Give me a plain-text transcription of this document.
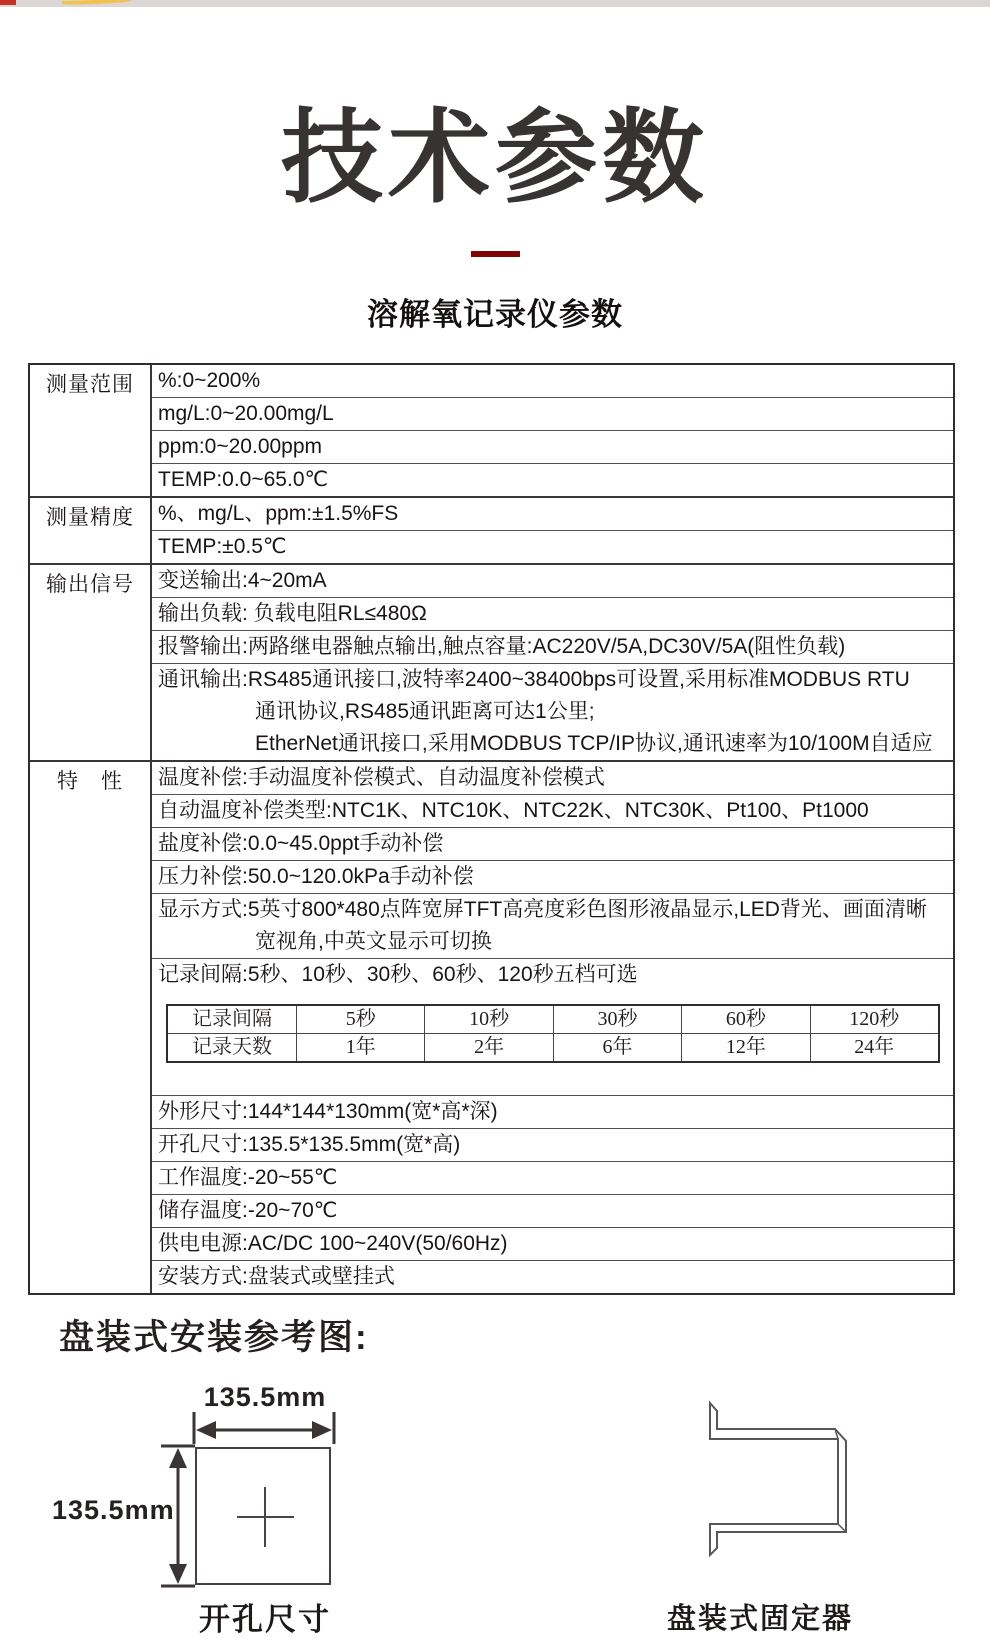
技术参数
溶解氧记录仪参数
测量范围	%:0~200%
mg/L:0~20.00mg/L
ppm:0~20.00ppm
TEMP:0.0~65.0℃
测量精度	%、mg/L、ppm:±1.5%FS
TEMP:±0.5℃
输出信号	变送输出:4~20mA
输出负载: 负载电阻RL≤480Ω
报警输出:两路继电器触点输出,触点容量:AC220V/5A,DC30V/5A(阻性负载)
通讯输出:RS485通讯接口,波特率2400~38400bps可设置,采用标准MODBUS RTU
通讯协议,RS485通讯距离可达1公里;
EtherNet通讯接口,采用MODBUS TCP/IP协议,通讯速率为10/100M自适应
特　性	温度补偿:手动温度补偿模式、自动温度补偿模式
自动温度补偿类型:NTC1K、NTC10K、NTC22K、NTC30K、Pt100、Pt1000
盐度补偿:0.0~45.0ppt手动补偿
压力补偿:50.0~120.0kPa手动补偿
显示方式:5英寸800*480点阵宽屏TFT高亮度彩色图形液晶显示,LED背光、画面清晰
宽视角,中英文显示可切换
记录间隔:5秒、10秒、30秒、60秒、120秒五档可选
记录间隔	5秒	10秒	30秒	60秒	120秒
记录天数	1年	2年	6年	12年	24年
外形尺寸:144*144*130mm(宽*高*深)
开孔尺寸:135.5*135.5mm(宽*高)
工作温度:-20~55℃
储存温度:-20~70℃
供电电源:AC/DC 100~240V(50/60Hz)
安装方式:盘装式或壁挂式
盘装式安装参考图:
135.5mm
135.5mm
开孔尺寸	盘装式固定器
